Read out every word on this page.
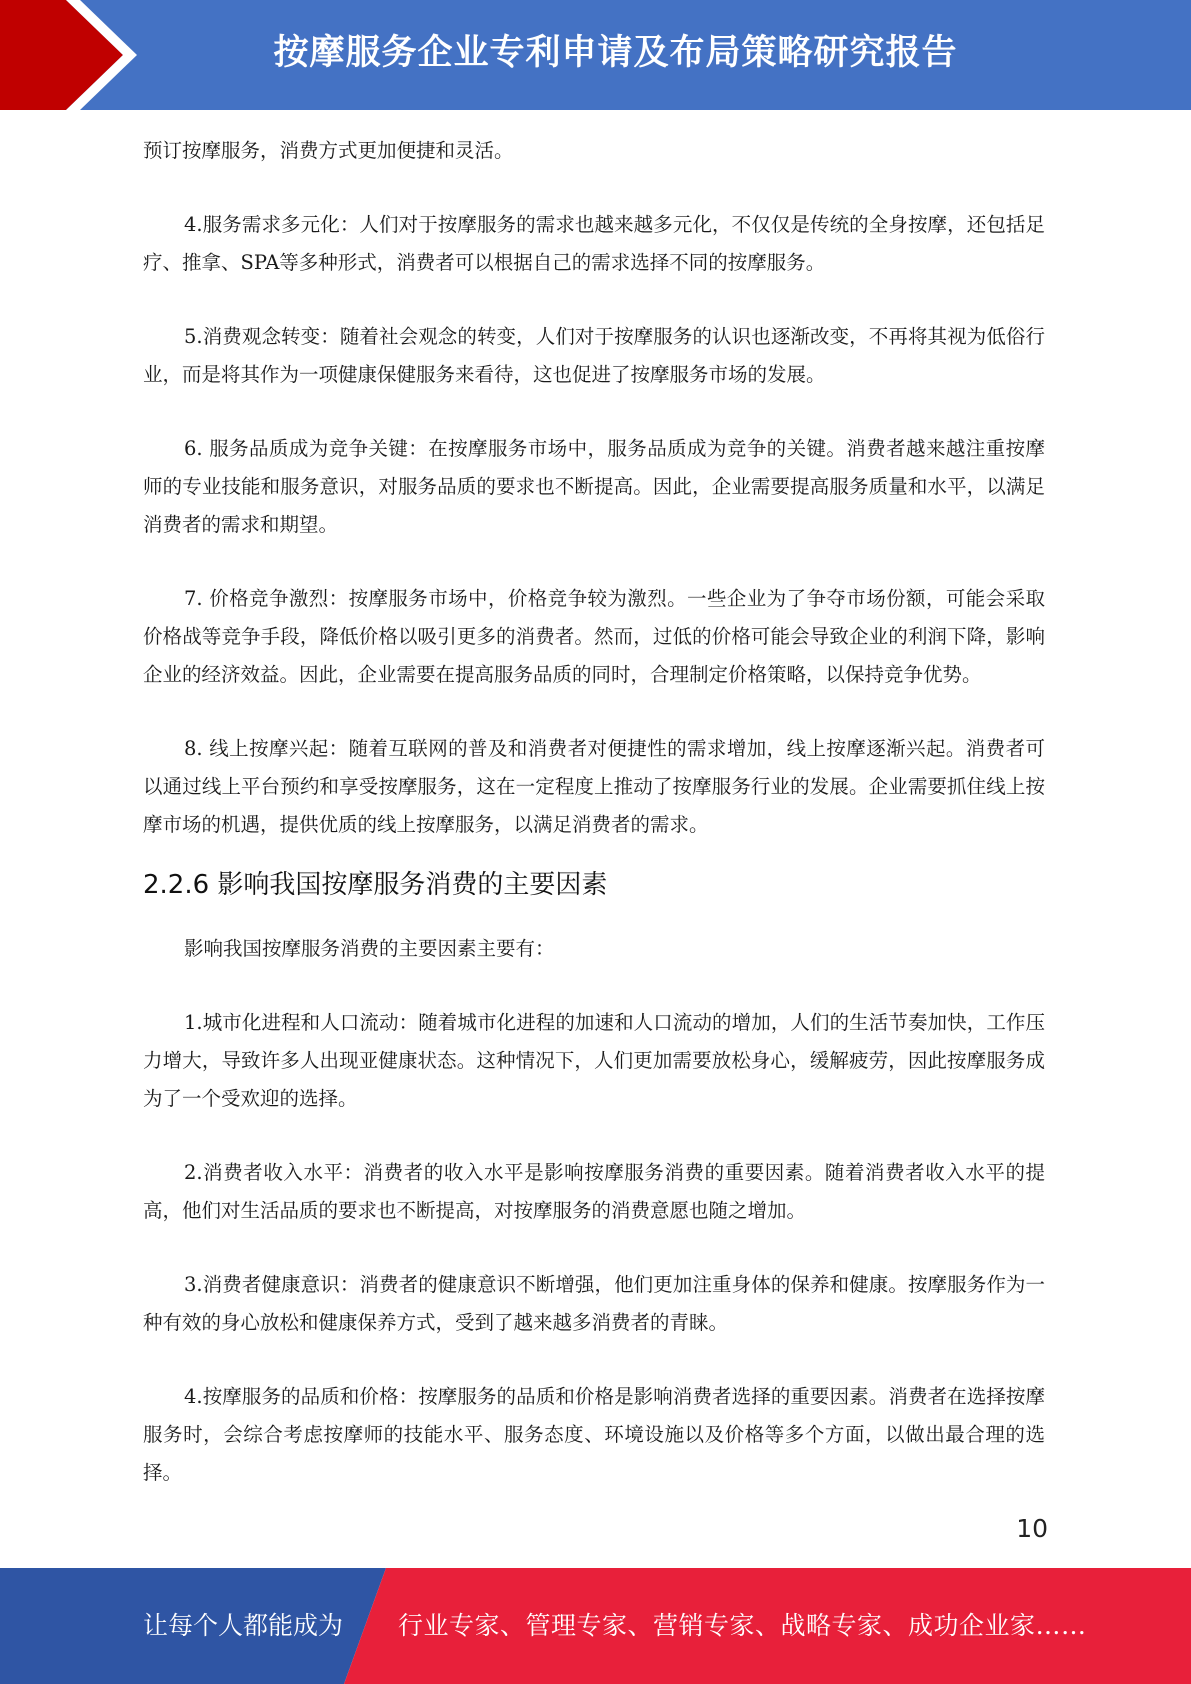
按摩服务企业专利申请及布局策略研究报告

预订按摩服务，消费方式更加便捷和灵活。

4.服务需求多元化：人们对于按摩服务的需求也越来越多元化，不仅仅是传统的全身按摩，还包括足疗、推拿、SPA等多种形式，消费者可以根据自己的需求选择不同的按摩服务。

5.消费观念转变：随着社会观念的转变，人们对于按摩服务的认识也逐渐改变，不再将其视为低俗行业，而是将其作为一项健康保健服务来看待，这也促进了按摩服务市场的发展。

6. 服务品质成为竞争关键：在按摩服务市场中，服务品质成为竞争的关键。消费者越来越注重按摩师的专业技能和服务意识，对服务品质的要求也不断提高。因此，企业需要提高服务质量和水平，以满足消费者的需求和期望。

7. 价格竞争激烈：按摩服务市场中，价格竞争较为激烈。一些企业为了争夺市场份额，可能会采取价格战等竞争手段，降低价格以吸引更多的消费者。然而，过低的价格可能会导致企业的利润下降，影响企业的经济效益。因此，企业需要在提高服务品质的同时，合理制定价格策略，以保持竞争优势。

8. 线上按摩兴起：随着互联网的普及和消费者对便捷性的需求增加，线上按摩逐渐兴起。消费者可以通过线上平台预约和享受按摩服务，这在一定程度上推动了按摩服务行业的发展。企业需要抓住线上按摩市场的机遇，提供优质的线上按摩服务，以满足消费者的需求。

2.2.6 影响我国按摩服务消费的主要因素

影响我国按摩服务消费的主要因素主要有：

1.城市化进程和人口流动：随着城市化进程的加速和人口流动的增加，人们的生活节奏加快，工作压力增大，导致许多人出现亚健康状态。这种情况下，人们更加需要放松身心，缓解疲劳，因此按摩服务成为了一个受欢迎的选择。

2.消费者收入水平：消费者的收入水平是影响按摩服务消费的重要因素。随着消费者收入水平的提高，他们对生活品质的要求也不断提高，对按摩服务的消费意愿也随之增加。

3.消费者健康意识：消费者的健康意识不断增强，他们更加注重身体的保养和健康。按摩服务作为一种有效的身心放松和健康保养方式，受到了越来越多消费者的青睐。

4.按摩服务的品质和价格：按摩服务的品质和价格是影响消费者选择的重要因素。消费者在选择按摩服务时，会综合考虑按摩师的技能水平、服务态度、环境设施以及价格等多个方面，以做出最合理的选择。

10
让每个人都能成为 行业专家、管理专家、营销专家、战略专家、成功企业家……
